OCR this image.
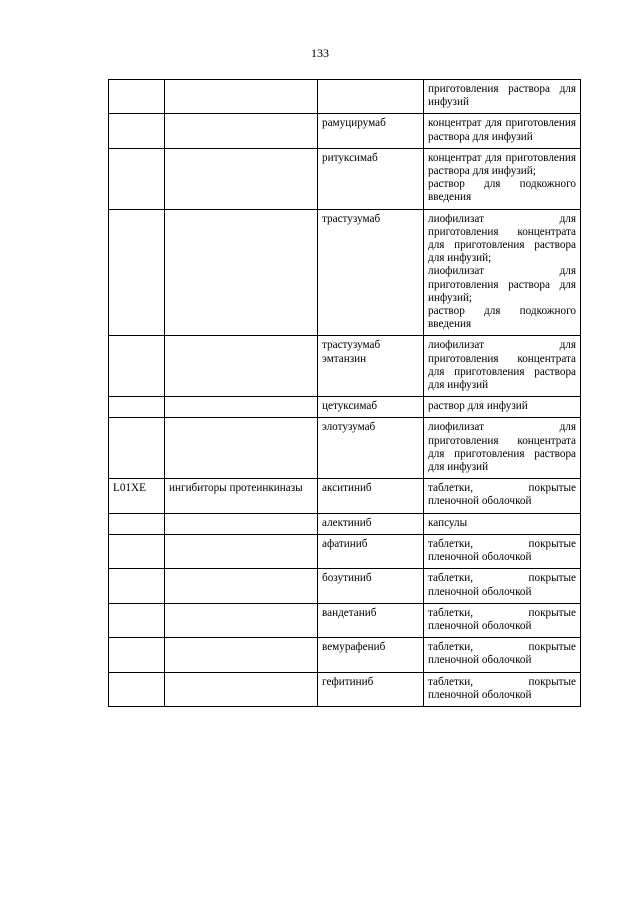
133

			приготовления раствора для инфузий

		рамуцирумаб	концентрат для приготовления раствора для инфузий

		ритуксимаб	концентрат для приготовления раствора для инфузий;
раствор для подкожного введения

		трастузумаб	лиофилизат для приготовления концентрата для приготовления раствора для инфузий;
лиофилизат для приготовления раствора для инфузий;
раствор для подкожного введения

		трастузумаб эмтанзин	лиофилизат для приготовления концентрата для приготовления раствора для инфузий

		цетуксимаб	раствор для инфузий

		элотузумаб	лиофилизат для приготовления концентрата для приготовления раствора для инфузий

L01XE	ингибиторы протеинкиназы	акситиниб	таблетки, покрытые пленочной оболочкой

		алектиниб	капсулы

		афатиниб	таблетки, покрытые пленочной оболочкой

		бозутиниб	таблетки, покрытые пленочной оболочкой

		вандетаниб	таблетки, покрытые пленочной оболочкой

		вемурафениб	таблетки, покрытые пленочной оболочкой

		гефитиниб	таблетки, покрытые пленочной оболочкой
